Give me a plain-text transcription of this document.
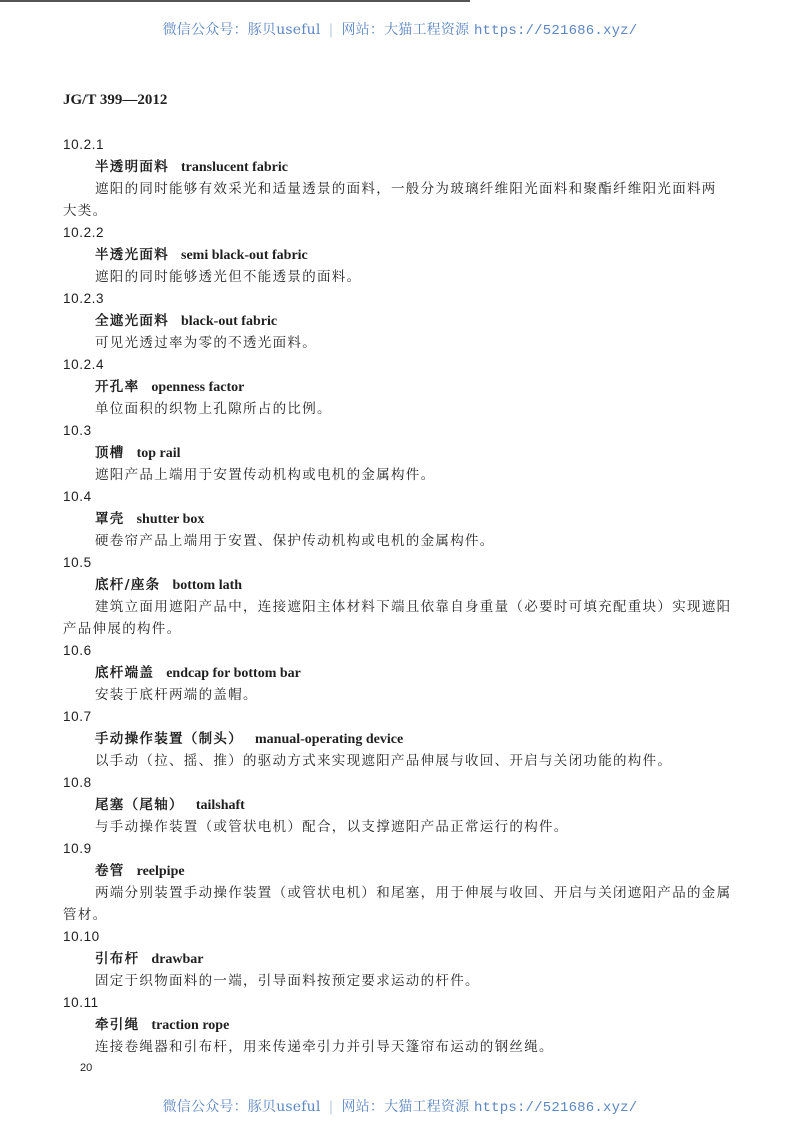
微信公众号：豚贝useful | 网站：大猫工程资源 https://521686.xyz/
JG/T 399—2012
10.2.1
半透明面料 translucent fabric
遮阳的同时能够有效采光和适量透景的面料，一般分为玻璃纤维阳光面料和聚酯纤维阳光面料两
大类。
10.2.2
半透光面料 semi black-out fabric
遮阳的同时能够透光但不能透景的面料。
10.2.3
全遮光面料 black-out fabric
可见光透过率为零的不透光面料。
10.2.4
开孔率 openness factor
单位面积的织物上孔隙所占的比例。
10.3
顶槽 top rail
遮阳产品上端用于安置传动机构或电机的金属构件。
10.4
罩壳 shutter box
硬卷帘产品上端用于安置、保护传动机构或电机的金属构件。
10.5
底杆/座条 bottom lath
建筑立面用遮阳产品中，连接遮阳主体材料下端且依靠自身重量（必要时可填充配重块）实现遮阳
产品伸展的构件。
10.6
底杆端盖 endcap for bottom bar
安装于底杆两端的盖帽。
10.7
手动操作装置（制头） manual-operating device
以手动（拉、摇、推）的驱动方式来实现遮阳产品伸展与收回、开启与关闭功能的构件。
10.8
尾塞（尾轴） tailshaft
与手动操作装置（或管状电机）配合，以支撑遮阳产品正常运行的构件。
10.9
卷管 reelpipe
两端分别装置手动操作装置（或管状电机）和尾塞，用于伸展与收回、开启与关闭遮阳产品的金属
管材。
10.10
引布杆 drawbar
固定于织物面料的一端，引导面料按预定要求运动的杆件。
10.11
牵引绳 traction rope
连接卷绳器和引布杆，用来传递牵引力并引导天篷帘布运动的钢丝绳。
20
微信公众号：豚贝useful | 网站：大猫工程资源 https://521686.xyz/
